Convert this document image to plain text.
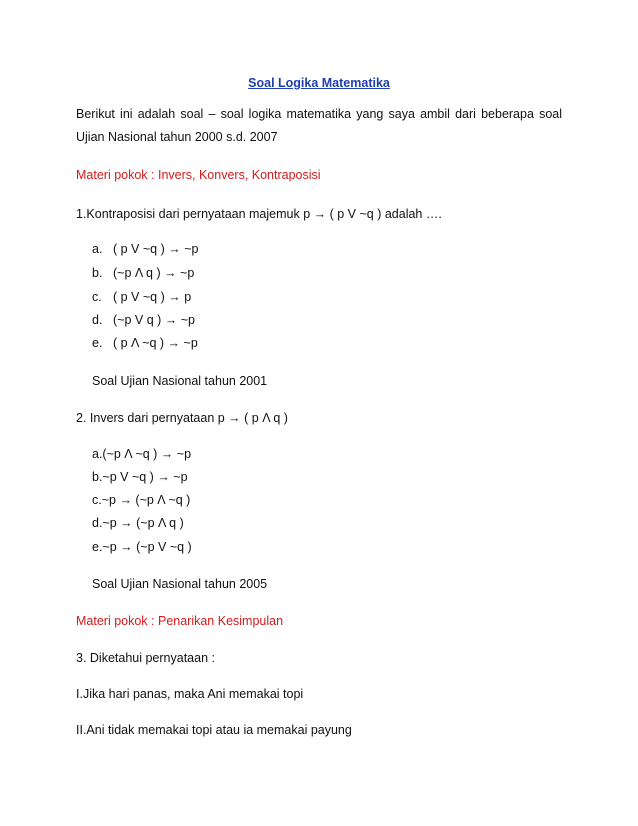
Soal Logika Matematika
Berikut ini adalah soal – soal logika matematika yang saya ambil dari beberapa soal Ujian Nasional tahun 2000 s.d. 2007
Materi pokok : Invers, Konvers, Kontraposisi
1.Kontraposisi dari pernyataan majemuk p → ( p V ~q ) adalah ….
a. ( p V ~q ) → ~p
b. (~p Λ q ) → ~p
c. ( p V ~q ) → p
d. (~p V q ) → ~p
e. ( p Λ ~q ) → ~p
Soal Ujian Nasional tahun 2001
2. Invers dari pernyataan p → ( p Λ q )
a.(~p Λ ~q ) → ~p
b.~p V ~q ) → ~p
c.~p → (~p Λ ~q )
d.~p → (~p Λ q )
e.~p → (~p V ~q )
Soal Ujian Nasional tahun 2005
Materi pokok : Penarikan Kesimpulan
3. Diketahui pernyataan :
I.Jika hari panas, maka Ani memakai topi
II.Ani tidak memakai topi atau ia memakai payung
